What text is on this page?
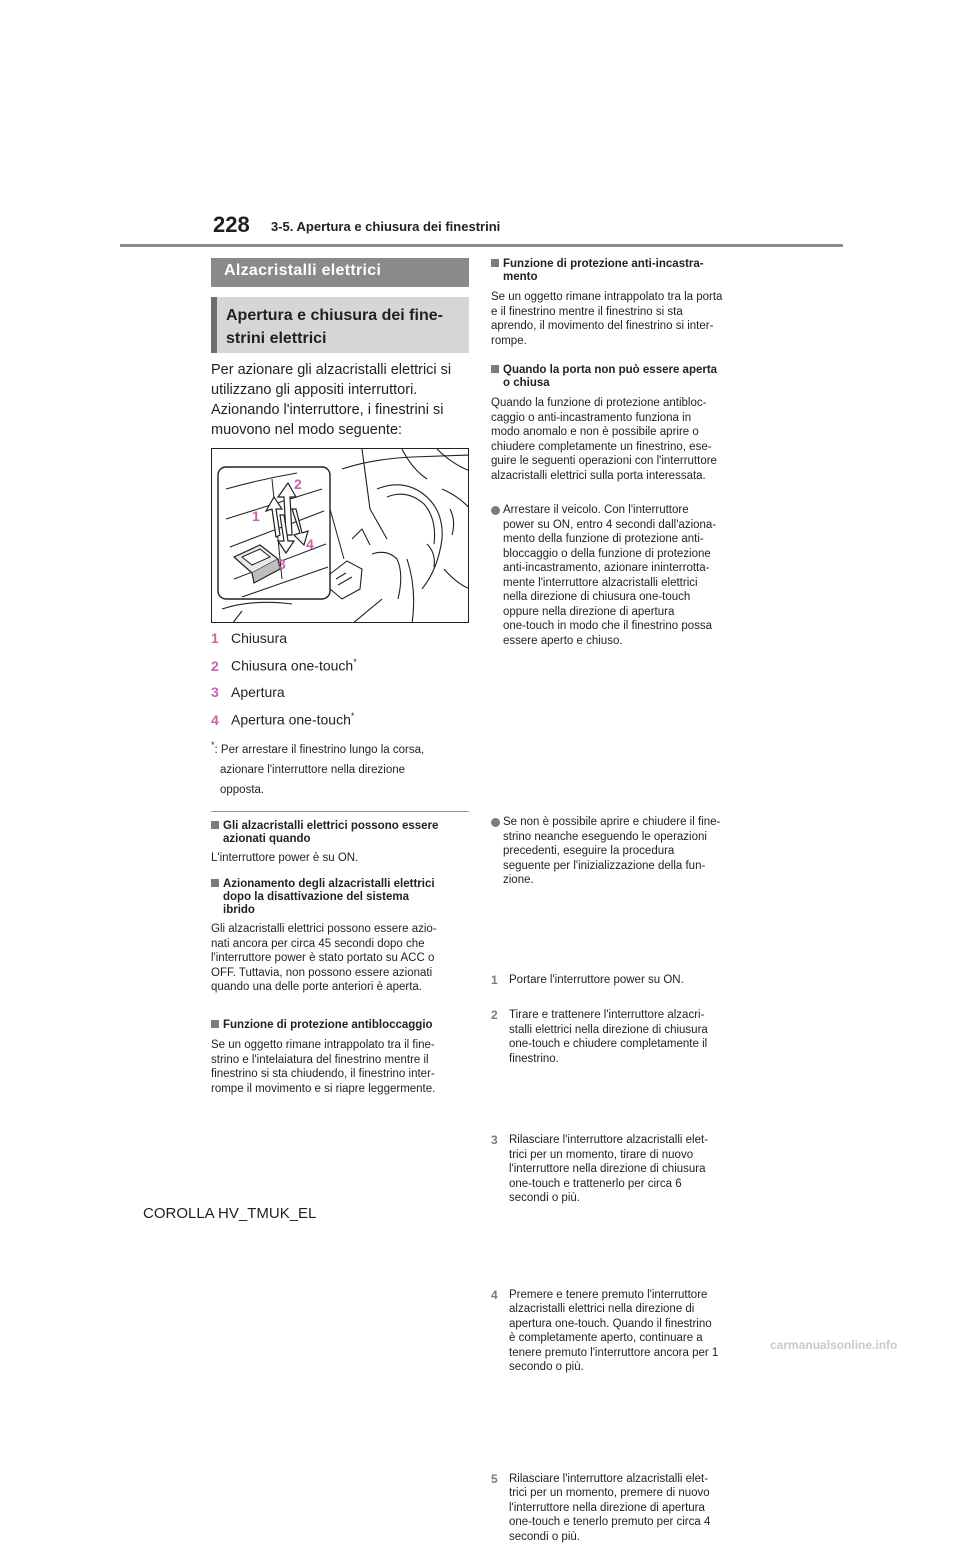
228 3-5. Apertura e chiusura dei finestrini
Alzacristalli elettrici
Apertura e chiusura dei fine-
strini elettrici
Per azionare gli alzacristalli elettrici si
utilizzano gli appositi interruttori.
Azionando l'interruttore, i finestrini si
muovono nel modo seguente:
1
2
3
4
1 Chiusura
2 Chiusura one-touch*
3 Apertura
4 Apertura one-touch*
*: Per arrestare il finestrino lungo la corsa,
azionare l'interruttore nella direzione
opposta.
Gli alzacristalli elettrici possono essere
azionati quando
L'interruttore power è su ON.
Azionamento degli alzacristalli elettrici
dopo la disattivazione del sistema
ibrido
Gli alzacristalli elettrici possono essere azio-
nati ancora per circa 45 secondi dopo che
l'interruttore power è stato portato su ACC o
OFF. Tuttavia, non possono essere azionati
quando una delle porte anteriori è aperta.
Funzione di protezione antibloccaggio
Se un oggetto rimane intrappolato tra il fine-
strino e l'intelaiatura del finestrino mentre il
finestrino si sta chiudendo, il finestrino inter-
rompe il movimento e si riapre leggermente.
Funzione di protezione anti-incastra-
mento
Se un oggetto rimane intrappolato tra la porta
e il finestrino mentre il finestrino si sta
aprendo, il movimento del finestrino si inter-
rompe.
Quando la porta non può essere aperta
o chiusa
Quando la funzione di protezione antibloc-
caggio o anti-incastramento funziona in
modo anomalo e non è possibile aprire o
chiudere completamente un finestrino, ese-
guire le seguenti operazioni con l'interruttore
alzacristalli elettrici sulla porta interessata.
Arrestare il veicolo. Con l'interruttore
power su ON, entro 4 secondi dall'aziona-
mento della funzione di protezione anti-
bloccaggio o della funzione di protezione
anti-incastramento, azionare ininterrotta-
mente l'interruttore alzacristalli elettrici
nella direzione di chiusura one-touch
oppure nella direzione di apertura
one-touch in modo che il finestrino possa
essere aperto e chiuso.
Se non è possibile aprire e chiudere il fine-
strino neanche eseguendo le operazioni
precedenti, eseguire la procedura
seguente per l'inizializzazione della fun-
zione.
1 Portare l'interruttore power su ON.
2 Tirare e trattenere l'interruttore alzacri-
stalli elettrici nella direzione di chiusura
one-touch e chiudere completamente il
finestrino.
3 Rilasciare l'interruttore alzacristalli elet-
trici per un momento, tirare di nuovo
l'interruttore nella direzione di chiusura
one-touch e trattenerlo per circa 6
secondi o più.
4 Premere e tenere premuto l'interruttore
alzacristalli elettrici nella direzione di
apertura one-touch. Quando il finestrino
è completamente aperto, continuare a
tenere premuto l'interruttore ancora per 1
secondo o più.
5 Rilasciare l'interruttore alzacristalli elet-
trici per un momento, premere di nuovo
l'interruttore nella direzione di apertura
one-touch e tenerlo premuto per circa 4
secondi o più.
COROLLA HV_TMUK_EL
carmanualsonline.info
